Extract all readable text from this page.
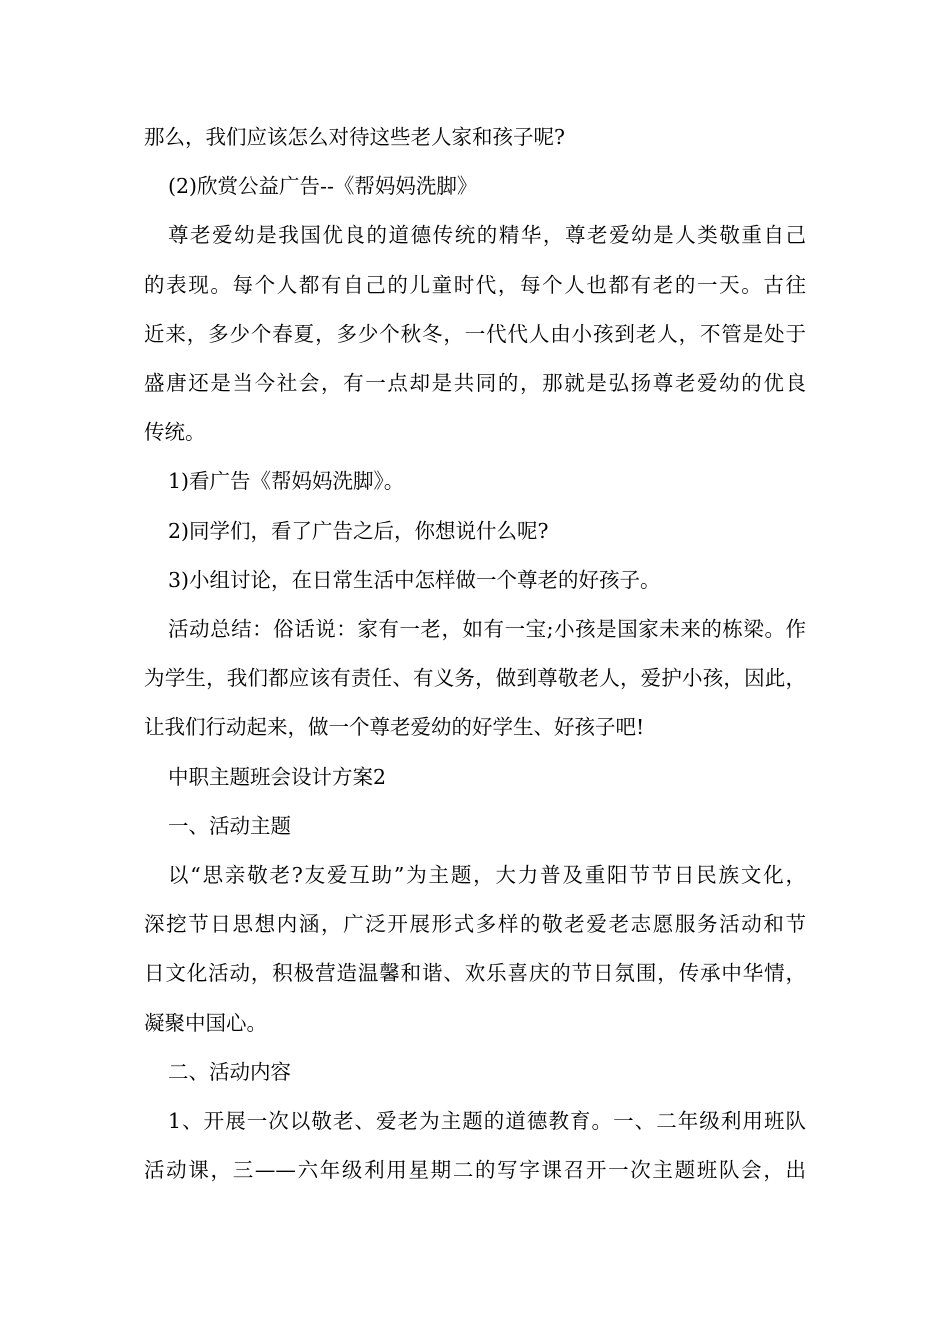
那么，我们应该怎么对待这些老人家和孩子呢?
(2)欣赏公益广告--《帮妈妈洗脚》
尊老爱幼是我国优良的道德传统的精华，尊老爱幼是人类敬重自己
的表现。每个人都有自己的儿童时代，每个人也都有老的一天。古往
近来，多少个春夏，多少个秋冬，一代代人由小孩到老人，不管是处于
盛唐还是当今社会，有一点却是共同的，那就是弘扬尊老爱幼的优良
传统。
1)看广告《帮妈妈洗脚》。
2)同学们，看了广告之后，你想说什么呢?
3)小组讨论，在日常生活中怎样做一个尊老的好孩子。
活动总结：俗话说：家有一老，如有一宝;小孩是国家未来的栋梁。作
为学生，我们都应该有责任、有义务，做到尊敬老人，爱护小孩，因此，
让我们行动起来，做一个尊老爱幼的好学生、好孩子吧!
中职主题班会设计方案2
一、活动主题
以“思亲敬老?友爱互助”为主题，大力普及重阳节节日民族文化，
深挖节日思想内涵，广泛开展形式多样的敬老爱老志愿服务活动和节
日文化活动，积极营造温馨和谐、欢乐喜庆的节日氛围，传承中华情，
凝聚中国心。
二、活动内容
1、开展一次以敬老、爱老为主题的道德教育。一、二年级利用班队
活动课，三——六年级利用星期二的写字课召开一次主题班队会，出
